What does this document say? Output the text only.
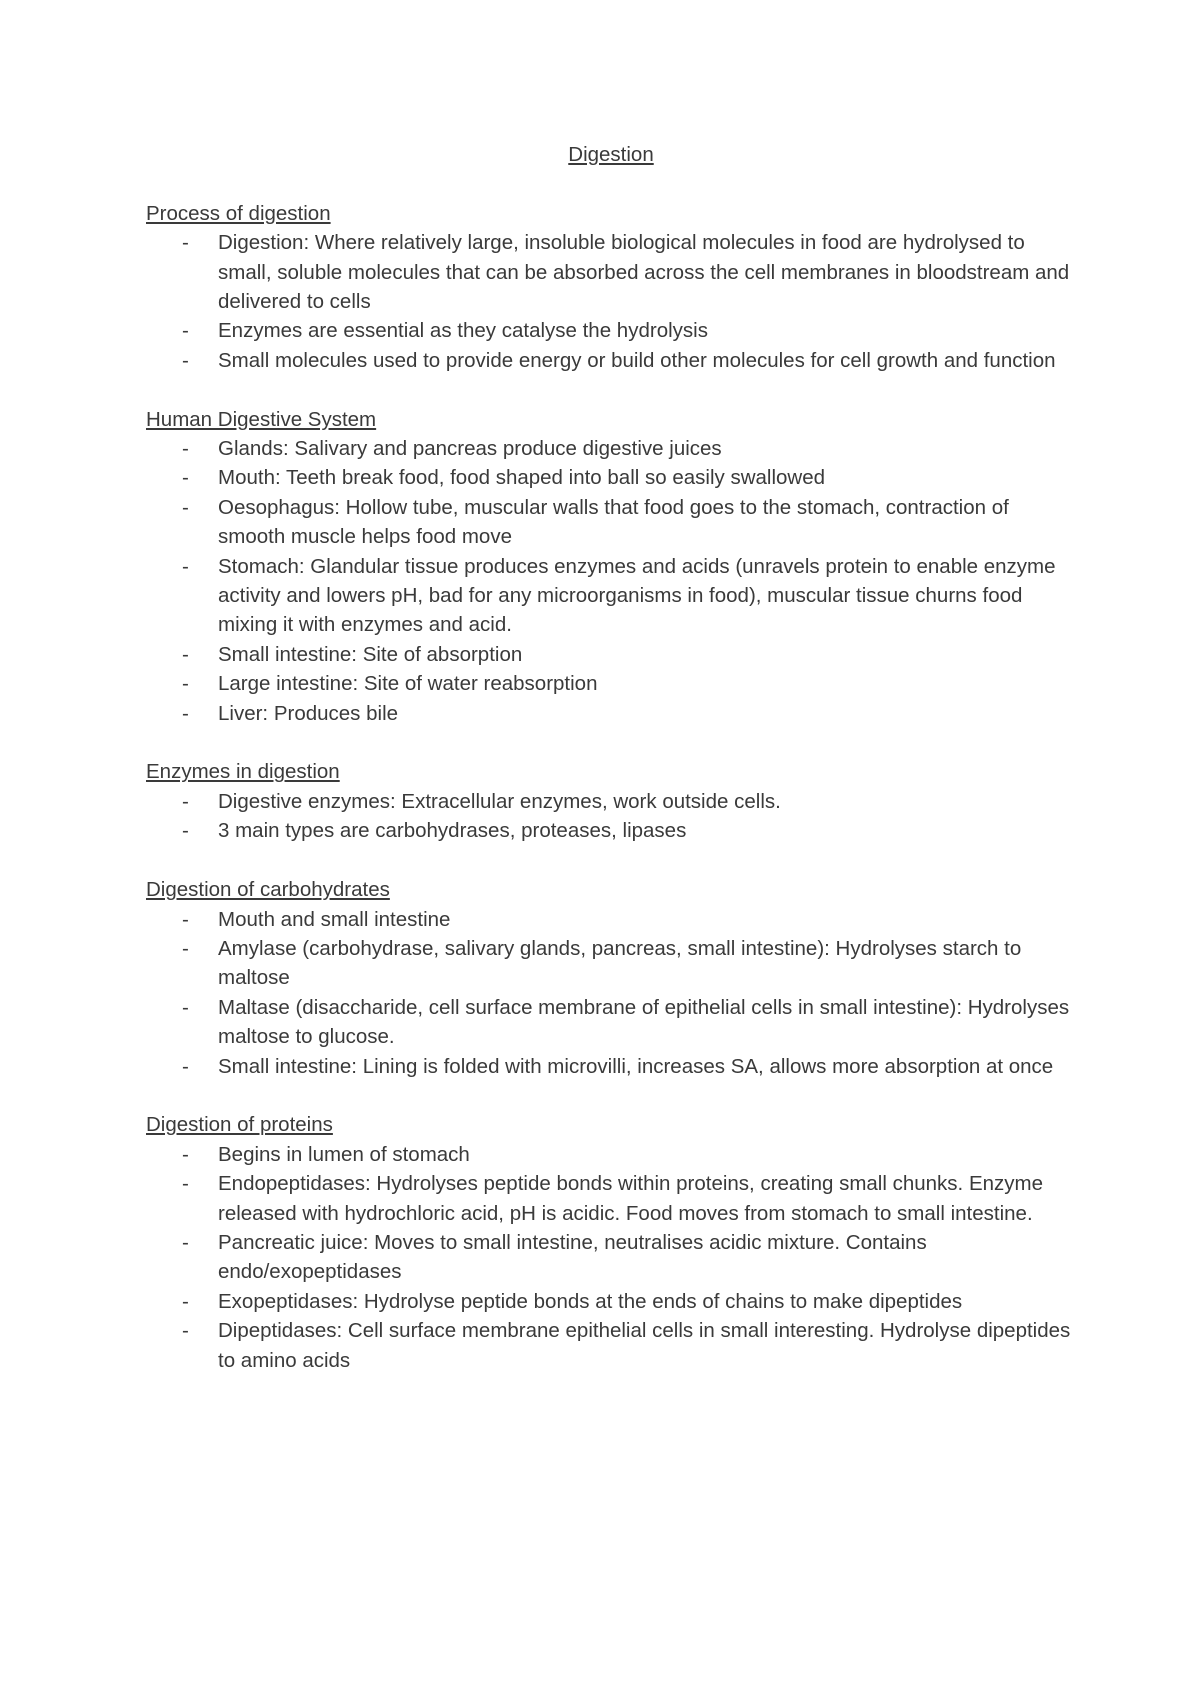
Digestion
Process of digestion
- Digestion: Where relatively large, insoluble biological molecules in food are hydrolysed to small, soluble molecules that can be absorbed across the cell membranes in bloodstream and delivered to cells
- Enzymes are essential as they catalyse the hydrolysis
- Small molecules used to provide energy or build other molecules for cell growth and function
Human Digestive System
- Glands: Salivary and pancreas produce digestive juices
- Mouth: Teeth break food, food shaped into ball so easily swallowed
- Oesophagus: Hollow tube, muscular walls that food goes to the stomach, contraction of smooth muscle helps food move
- Stomach: Glandular tissue produces enzymes and acids (unravels protein to enable enzyme activity and lowers pH, bad for any microorganisms in food), muscular tissue churns food mixing it with enzymes and acid.
- Small intestine: Site of absorption
- Large intestine: Site of water reabsorption
- Liver: Produces bile
Enzymes in digestion
- Digestive enzymes: Extracellular enzymes, work outside cells.
- 3 main types are carbohydrases, proteases, lipases
Digestion of carbohydrates
- Mouth and small intestine
- Amylase (carbohydrase, salivary glands, pancreas, small intestine): Hydrolyses starch to maltose
- Maltase (disaccharide, cell surface membrane of epithelial cells in small intestine): Hydrolyses maltose to glucose.
- Small intestine: Lining is folded with microvilli, increases SA, allows more absorption at once
Digestion of proteins
- Begins in lumen of stomach
- Endopeptidases: Hydrolyses peptide bonds within proteins, creating small chunks. Enzyme released with hydrochloric acid, pH is acidic. Food moves from stomach to small intestine.
- Pancreatic juice: Moves to small intestine, neutralises acidic mixture. Contains endo/exopeptidases
- Exopeptidases: Hydrolyse peptide bonds at the ends of chains to make dipeptides
- Dipeptidases: Cell surface membrane epithelial cells in small interesting. Hydrolyse dipeptides to amino acids
